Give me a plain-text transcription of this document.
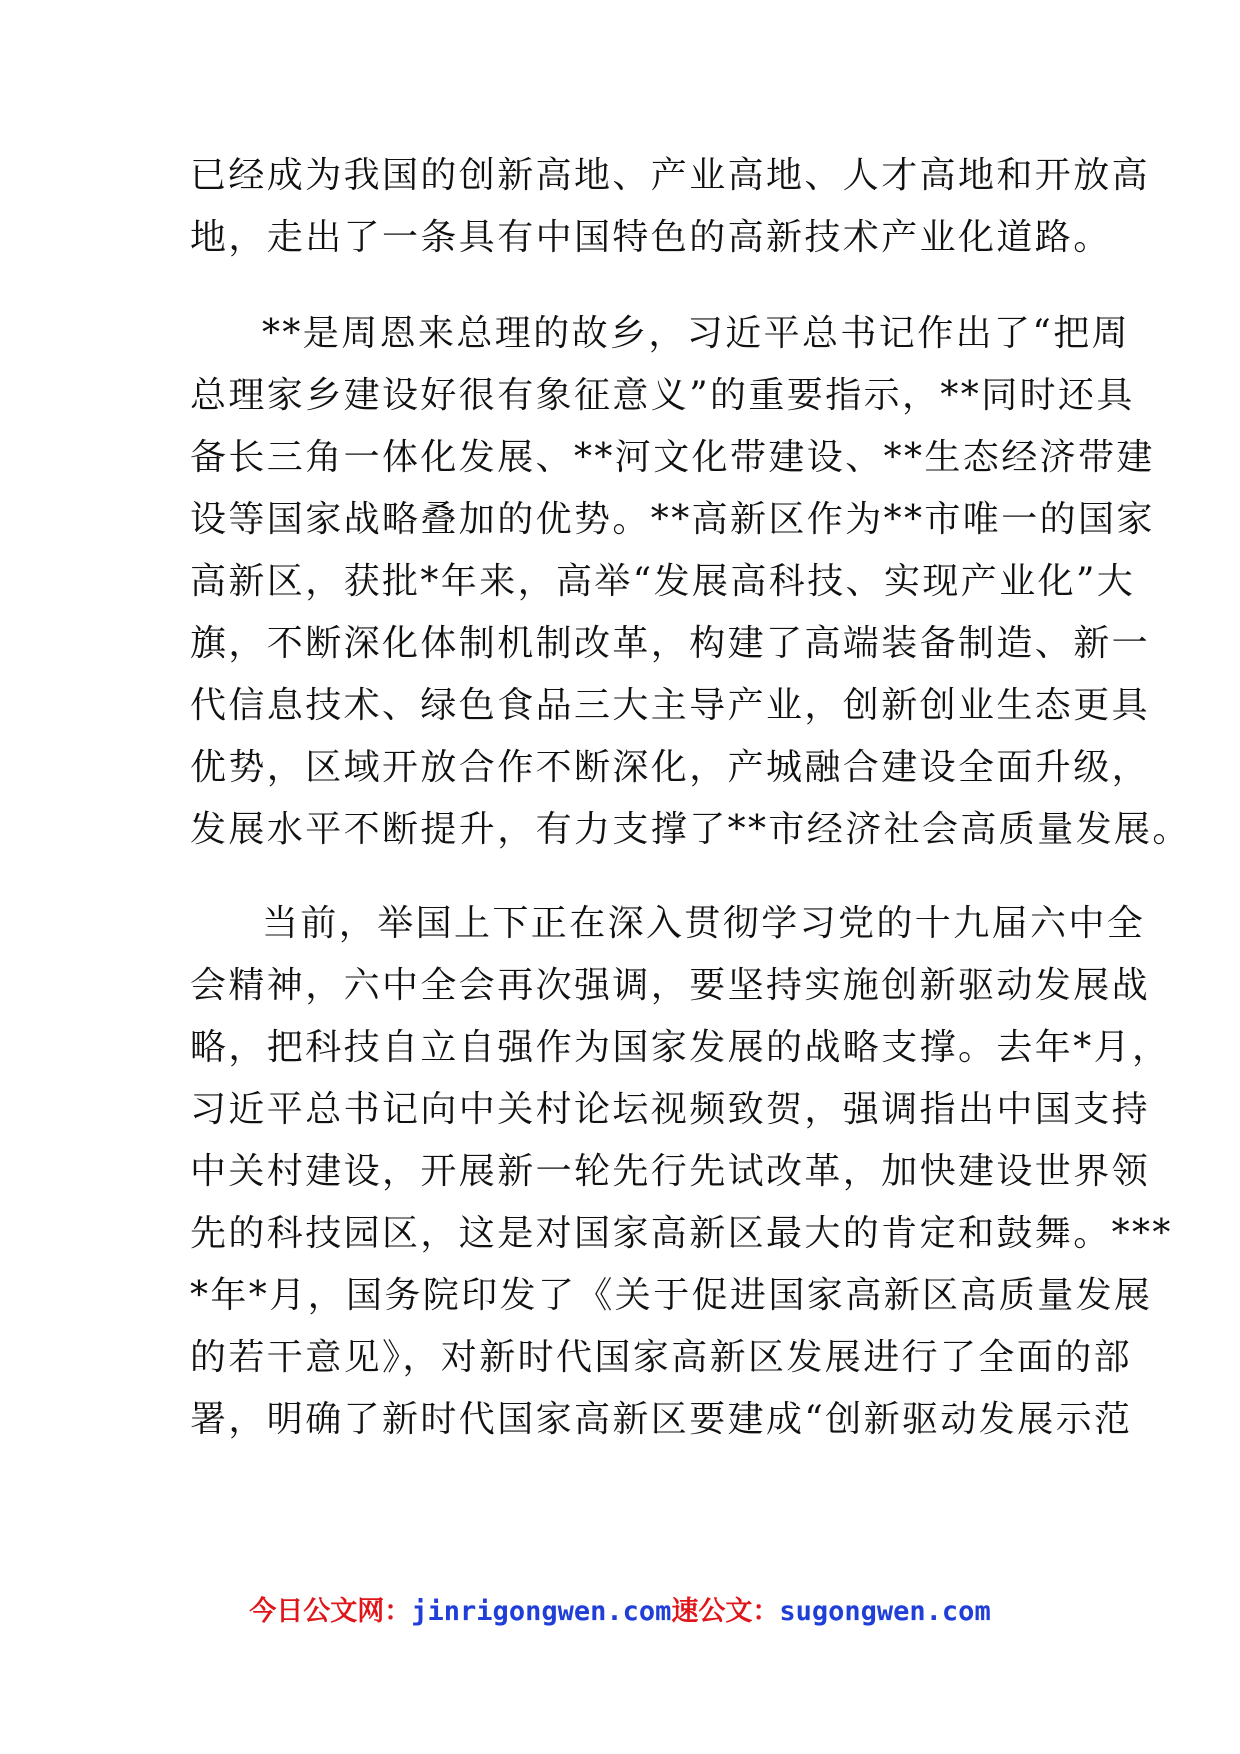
已经成为我国的创新高地、产业高地、人才高地和开放高
地，走出了一条具有中国特色的高新技术产业化道路。
**是周恩来总理的故乡，习近平总书记作出了“把周
总理家乡建设好很有象征意义”的重要指示，**同时还具
备长三角一体化发展、**河文化带建设、**生态经济带建
设等国家战略叠加的优势。**高新区作为**市唯一的国家
高新区，获批*年来，高举“发展高科技、实现产业化”大
旗，不断深化体制机制改革，构建了高端装备制造、新一
代信息技术、绿色食品三大主导产业，创新创业生态更具
优势，区域开放合作不断深化，产城融合建设全面升级，
发展水平不断提升，有力支撑了**市经济社会高质量发展。
当前，举国上下正在深入贯彻学习党的十九届六中全
会精神，六中全会再次强调，要坚持实施创新驱动发展战
略，把科技自立自强作为国家发展的战略支撑。去年*月，
习近平总书记向中关村论坛视频致贺，强调指出中国支持
中关村建设，开展新一轮先行先试改革，加快建设世界领
先的科技园区，这是对国家高新区最大的肯定和鼓舞。***
*年*月，国务院印发了《关于促进国家高新区高质量发展
的若干意见》，对新时代国家高新区发展进行了全面的部
署，明确了新时代国家高新区要建成“创新驱动发展示范
今日公文网：jinrigongwen.com速公文：sugongwen.com
